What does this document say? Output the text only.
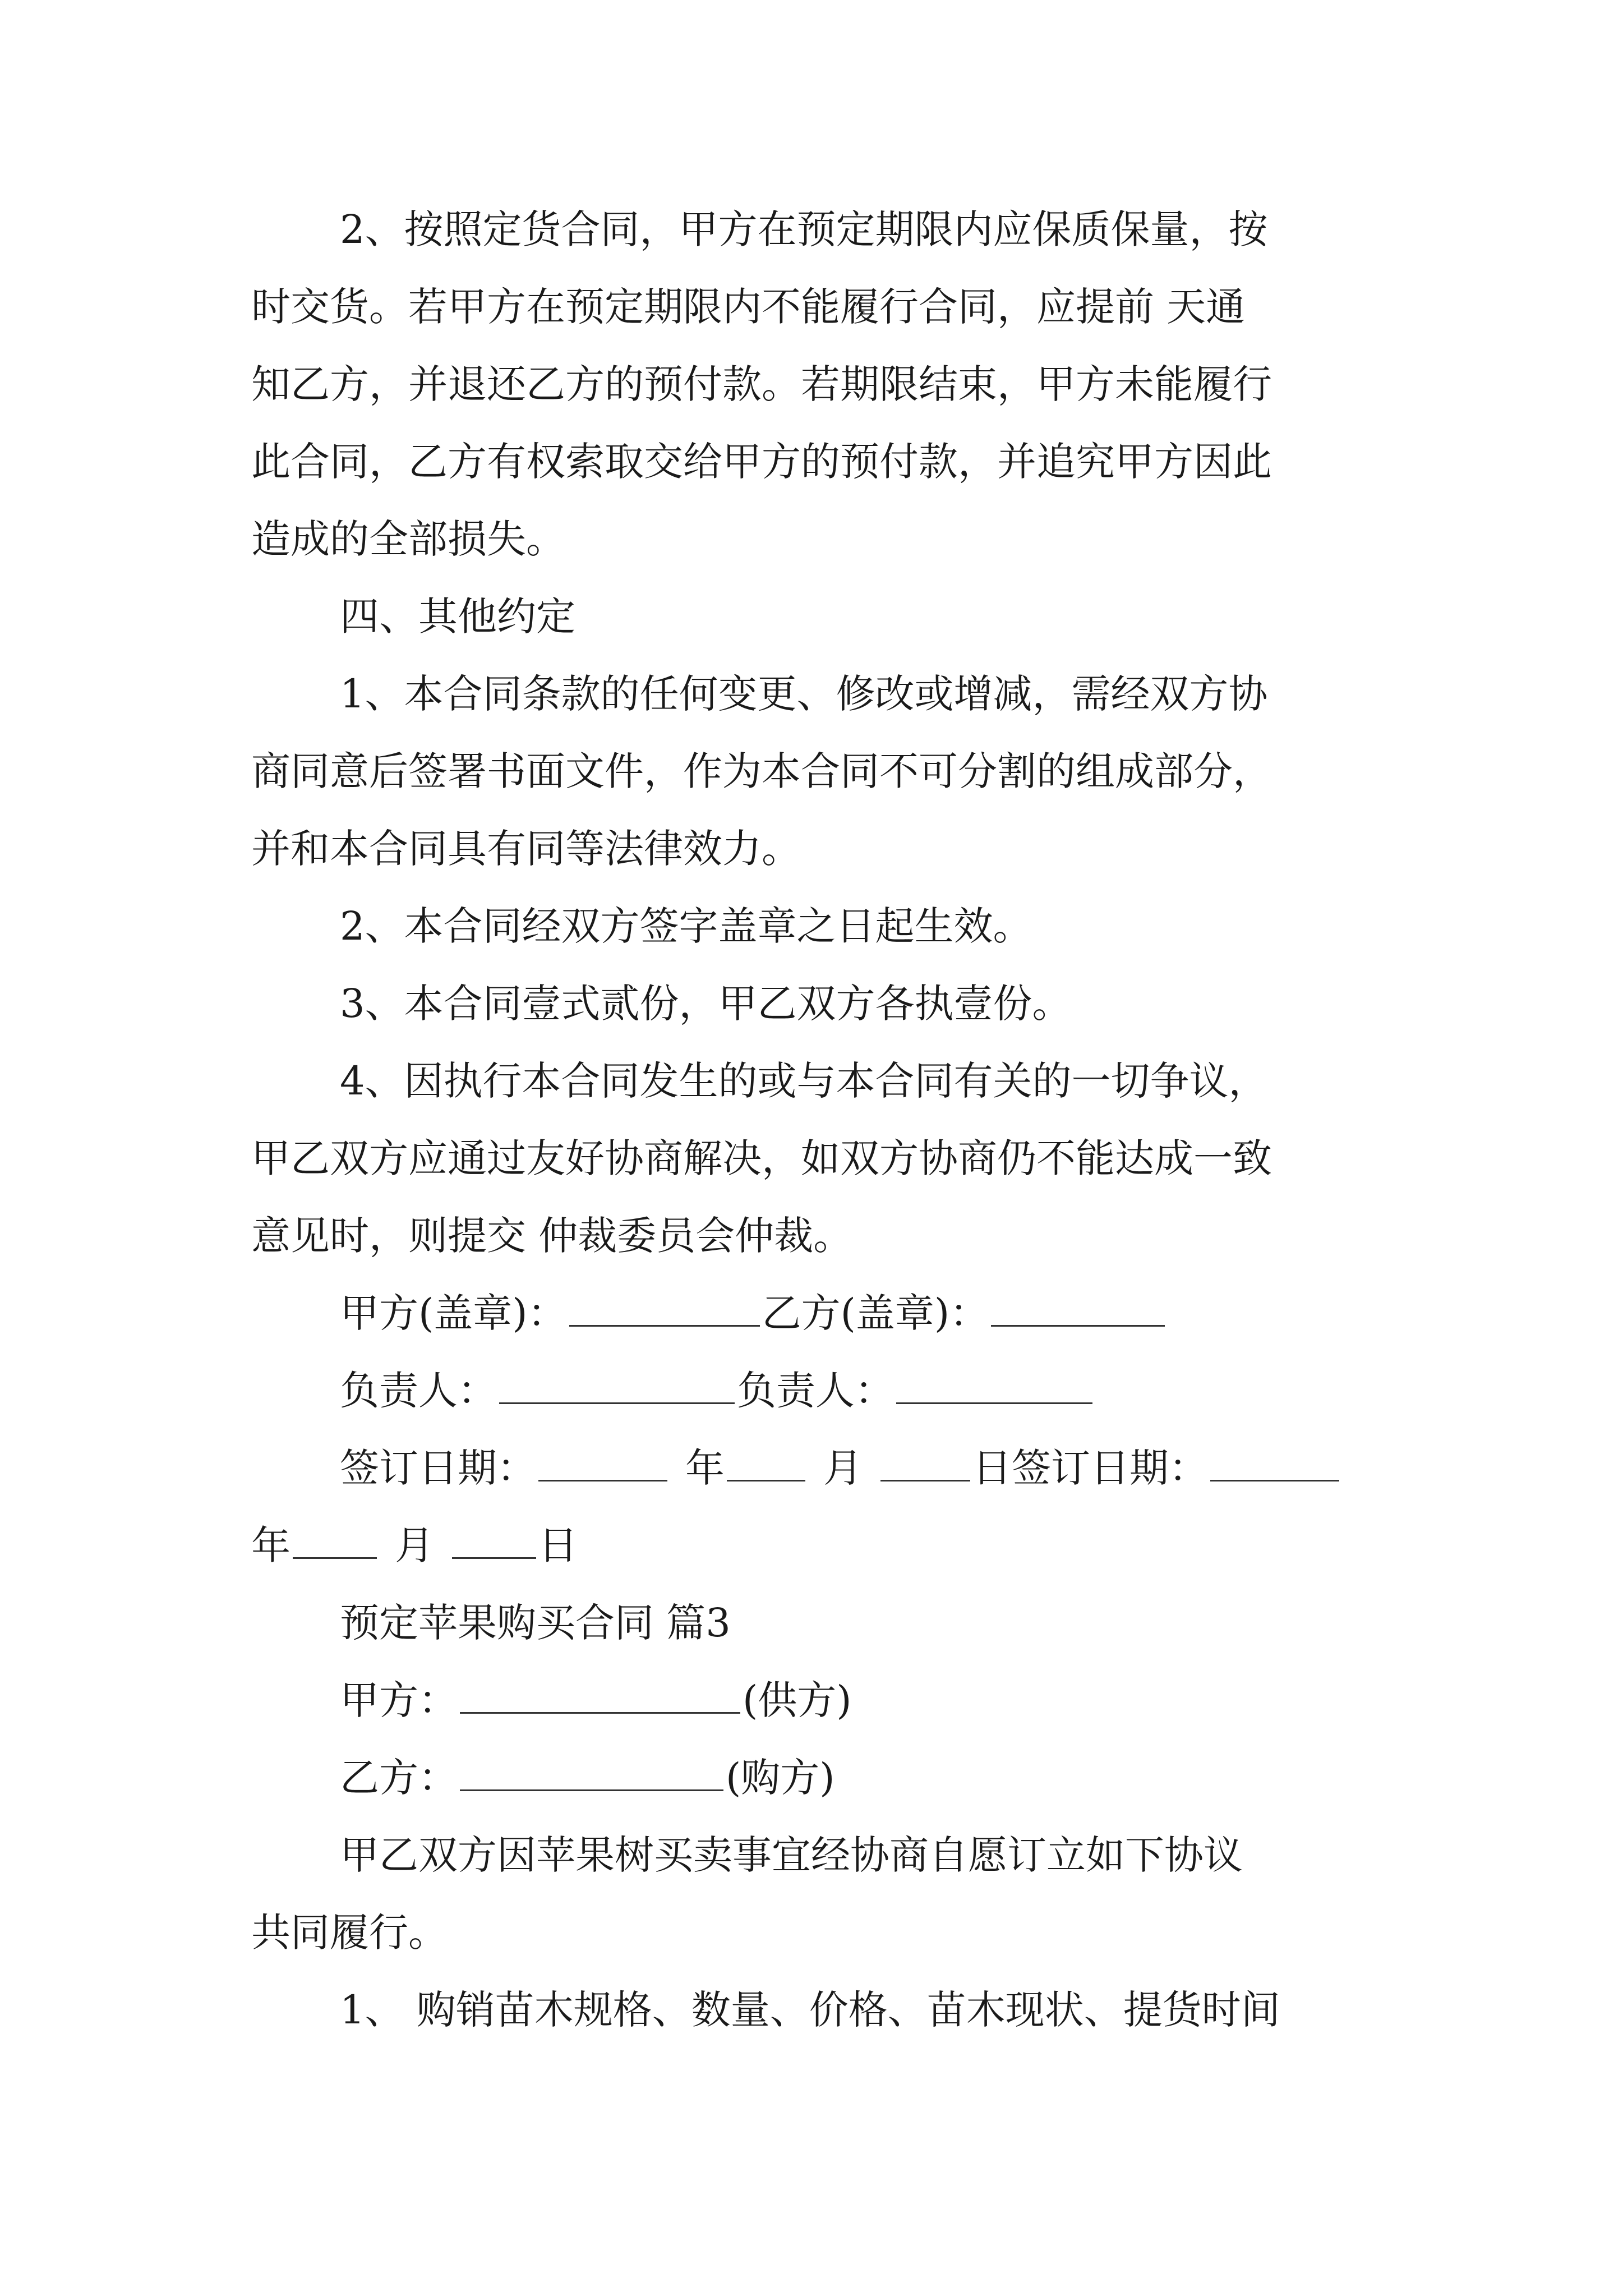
2、按照定货合同，甲方在预定期限内应保质保量，按
时交货。若甲方在预定期限内不能履行合同，应提前 天通
知乙方，并退还乙方的预付款。若期限结束，甲方未能履行
此合同，乙方有权索取交给甲方的预付款，并追究甲方因此
造成的全部损失。
四、其他约定
1、本合同条款的任何变更、修改或增减，需经双方协
商同意后签署书面文件，作为本合同不可分割的组成部分，
并和本合同具有同等法律效力。
2、本合同经双方签字盖章之日起生效。
3、本合同壹式贰份，甲乙双方各执壹份。
4、因执行本合同发生的或与本合同有关的一切争议，
甲乙双方应通过友好协商解决，如双方协商仍不能达成一致
意见时，则提交 仲裁委员会仲裁。
甲方(盖章)：	乙方(盖章)：
负责人：	负责人：
签订日期：	年	月	日签订日期：
年	月	日
预定苹果购买合同 篇3
甲方：	(供方)
乙方：	(购方)
甲乙双方因苹果树买卖事宜经协商自愿订立如下协议
共同履行。
1、 购销苗木规格、数量、价格、苗木现状、提货时间
